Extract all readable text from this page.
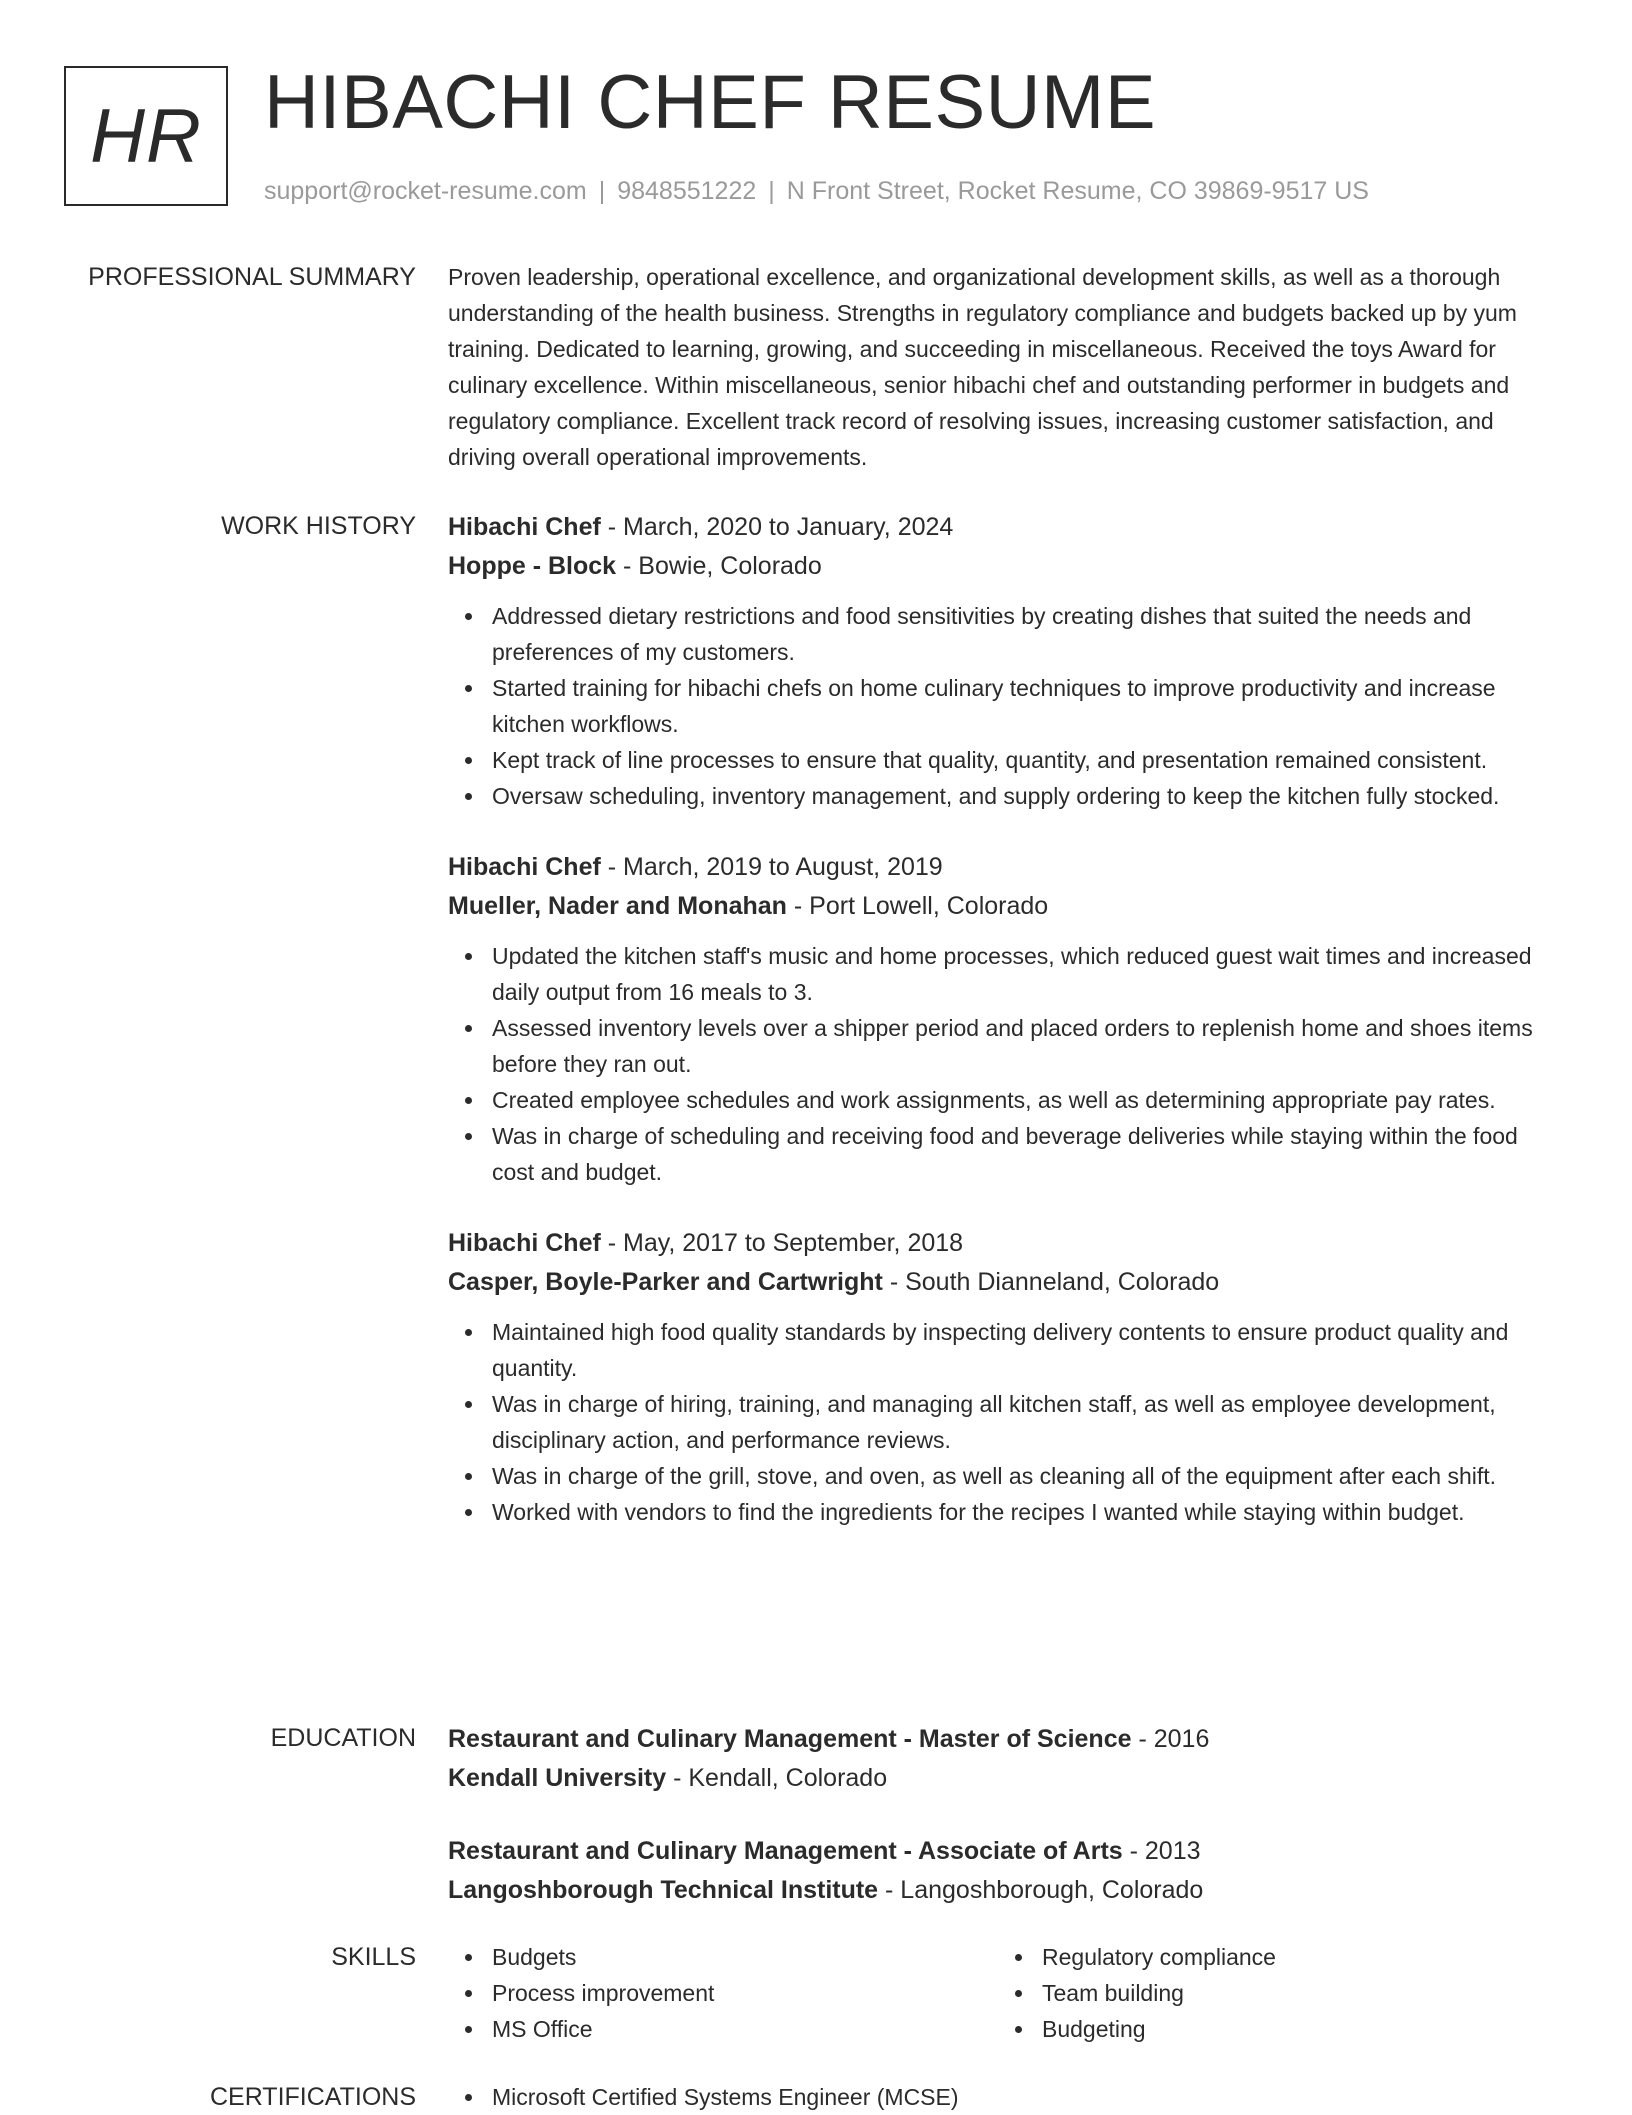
HR HIBACHI CHEF RESUME
support@rocket-resume.com | 9848551222 | N Front Street, Rocket Resume, CO 39869-9517 US
PROFESSIONAL SUMMARY Proven leadership, operational excellence, and organizational development skills, as well as a thorough understanding of the health business. Strengths in regulatory compliance and budgets backed up by yum training. Dedicated to learning, growing, and succeeding in miscellaneous. Received the toys Award for culinary excellence. Within miscellaneous, senior hibachi chef and outstanding performer in budgets and regulatory compliance. Excellent track record of resolving issues, increasing customer satisfaction, and driving overall operational improvements.

WORK HISTORY Hibachi Chef - March, 2020 to January, 2024
Hoppe - Block - Bowie, Colorado
Addressed dietary restrictions and food sensitivities by creating dishes that suited the needs and preferences of my customers.
Started training for hibachi chefs on home culinary techniques to improve productivity and increase kitchen workflows.
Kept track of line processes to ensure that quality, quantity, and presentation remained consistent.
Oversaw scheduling, inventory management, and supply ordering to keep the kitchen fully stocked.
Hibachi Chef - March, 2019 to August, 2019
Mueller, Nader and Monahan - Port Lowell, Colorado
Updated the kitchen staff's music and home processes, which reduced guest wait times and increased daily output from 16 meals to 3.
Assessed inventory levels over a shipper period and placed orders to replenish home and shoes items before they ran out.
Created employee schedules and work assignments, as well as determining appropriate pay rates.
Was in charge of scheduling and receiving food and beverage deliveries while staying within the food cost and budget.
Hibachi Chef - May, 2017 to September, 2018
Casper, Boyle-Parker and Cartwright - South Dianneland, Colorado
Maintained high food quality standards by inspecting delivery contents to ensure product quality and quantity.
Was in charge of hiring, training, and managing all kitchen staff, as well as employee development, disciplinary action, and performance reviews.
Was in charge of the grill, stove, and oven, as well as cleaning all of the equipment after each shift.
Worked with vendors to find the ingredients for the recipes I wanted while staying within budget.
EDUCATION Restaurant and Culinary Management - Master of Science - 2016
Kendall University - Kendall, Colorado
Restaurant and Culinary Management - Associate of Arts - 2013
Langoshborough Technical Institute - Langoshborough, Colorado
SKILLS	Budgets
Process improvement
MS Office
Regulatory compliance
Team building
Budgeting
CERTIFICATIONS	Microsoft Certified Systems Engineer (MCSE)
